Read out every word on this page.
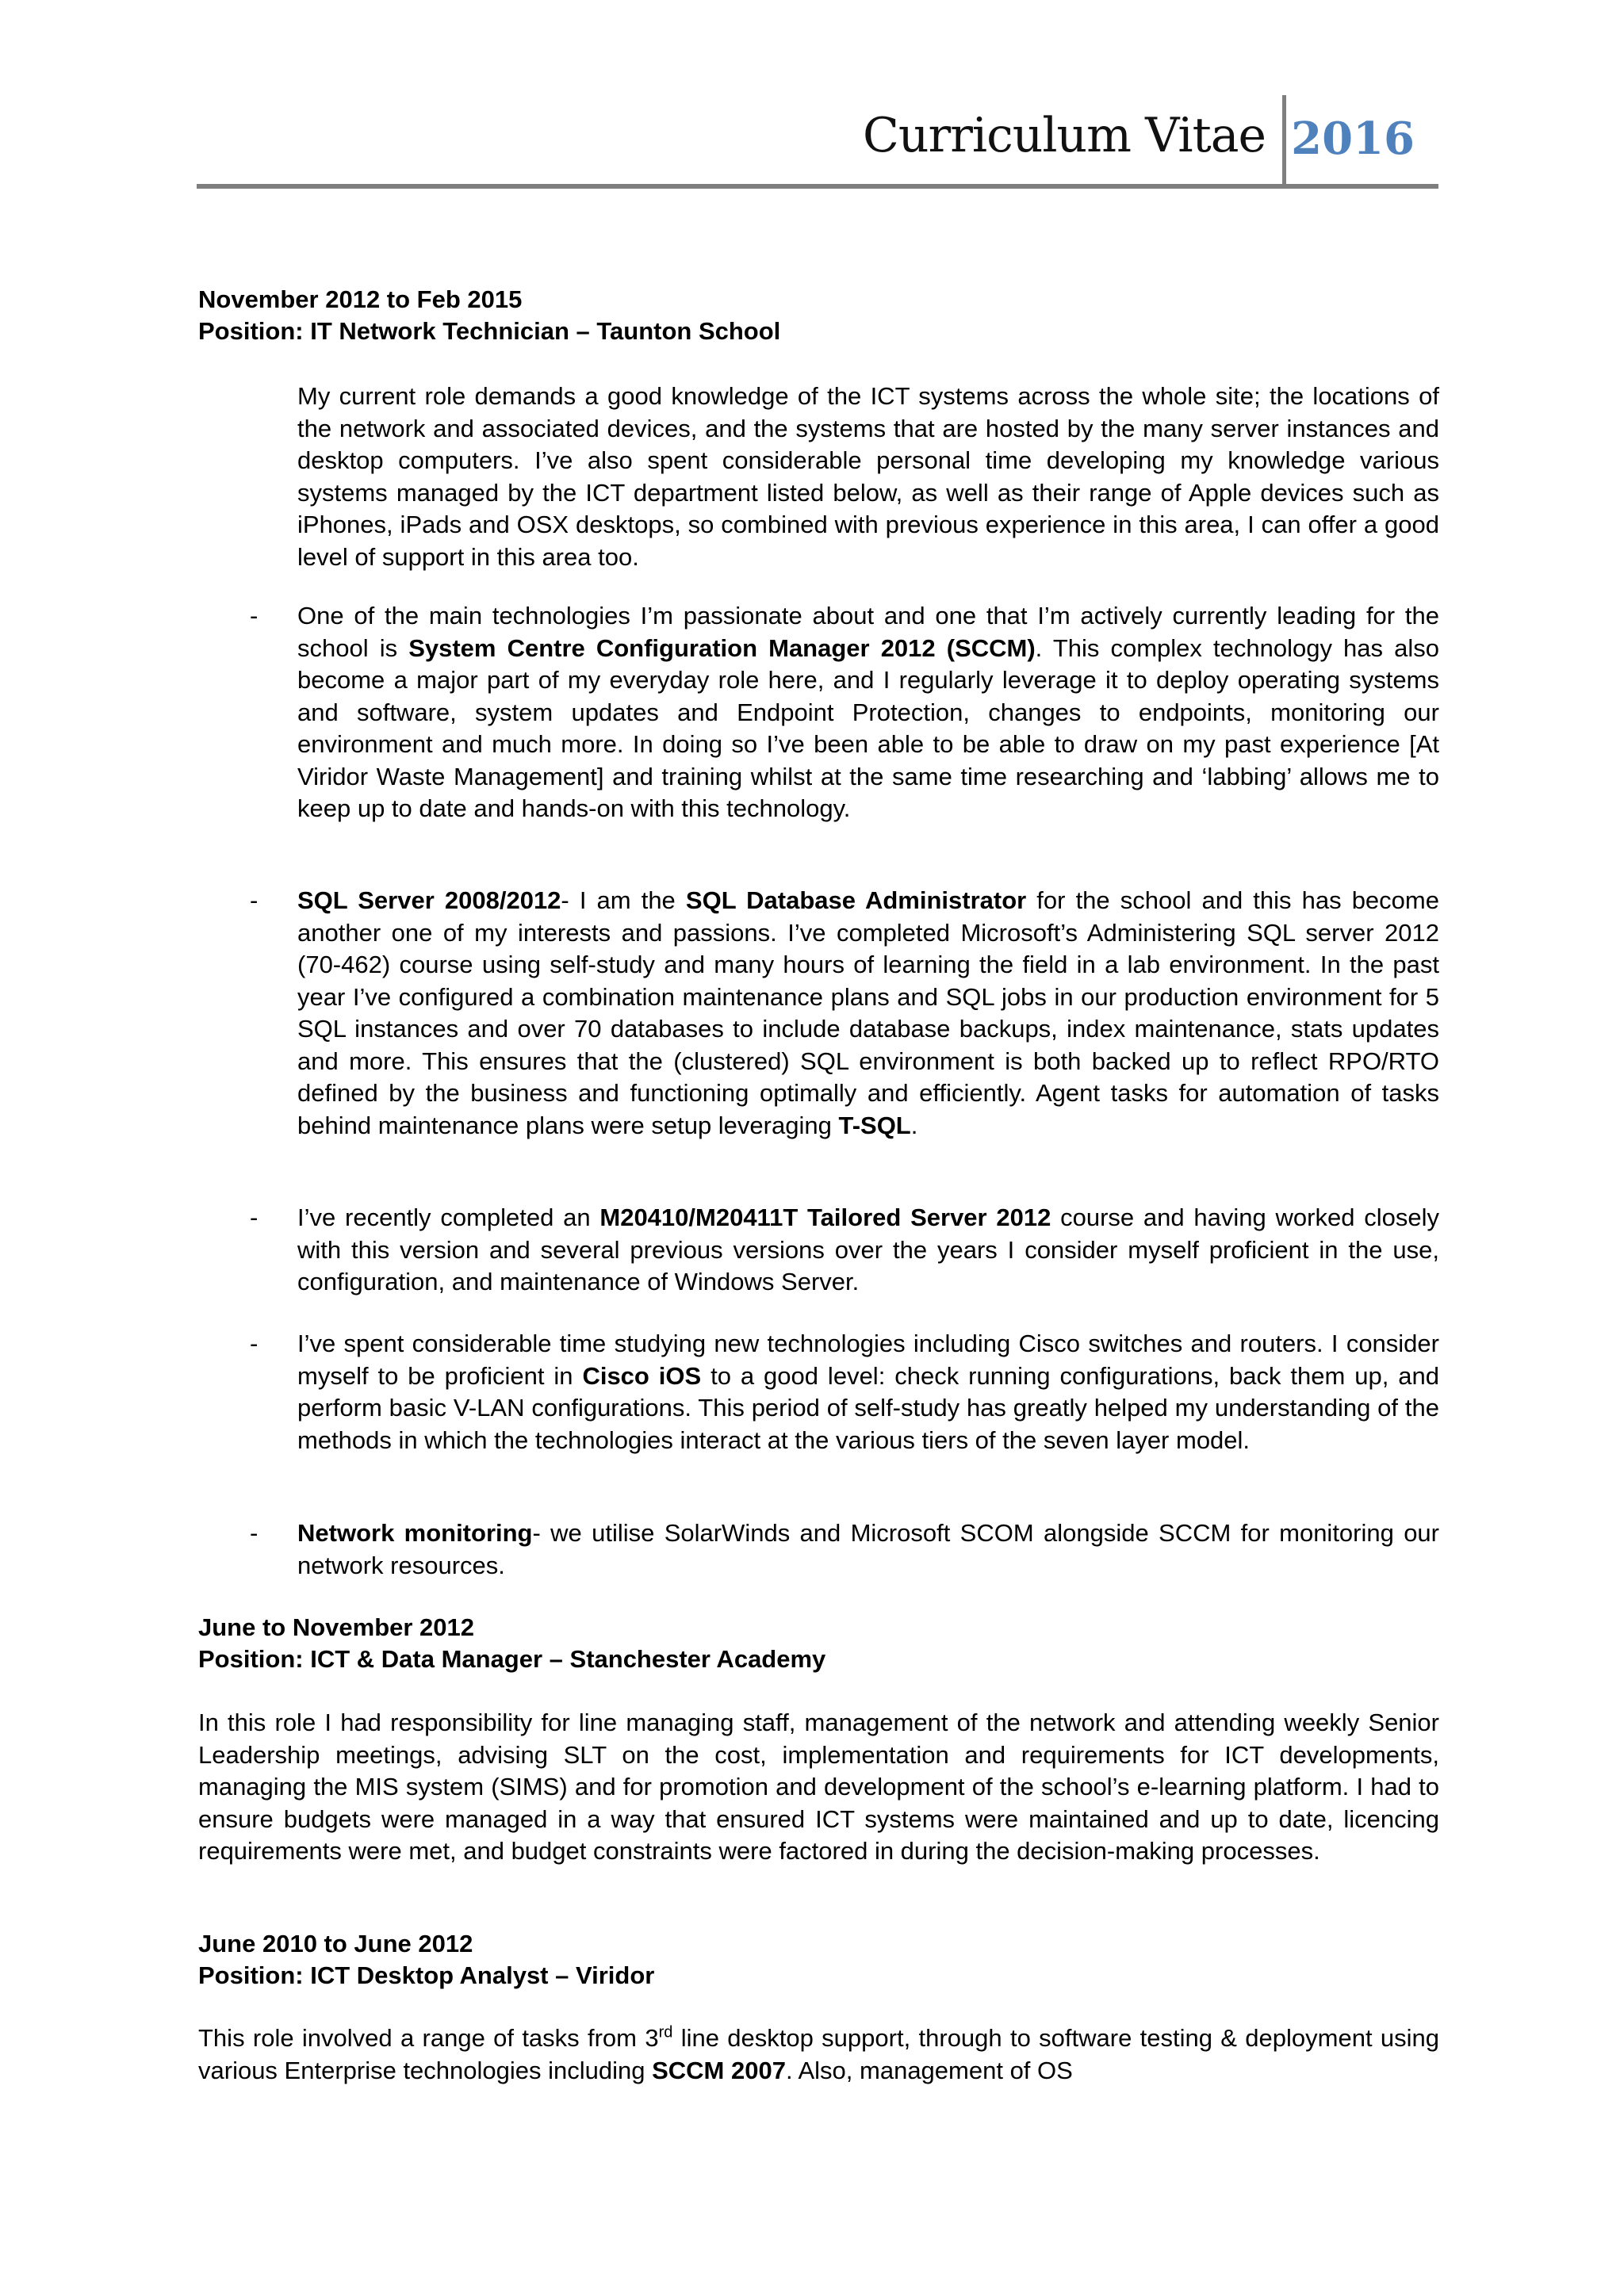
Curriculum Vitae 2016
November 2012 to Feb 2015
Position: IT Network Technician – Taunton School
My current role demands a good knowledge of the ICT systems across the whole site; the locations of the network and associated devices, and the systems that are hosted by the many server instances and desktop computers. I’ve also spent considerable personal time developing my knowledge various systems managed by the ICT department listed below, as well as their range of Apple devices such as iPhones, iPads and OSX desktops, so combined with previous experience in this area, I can offer a good level of support in this area too.
- One of the main technologies I’m passionate about and one that I’m actively currently leading for the school is System Centre Configuration Manager 2012 (SCCM). This complex technology has also become a major part of my everyday role here, and I regularly leverage it to deploy operating systems and software, system updates and Endpoint Protection, changes to endpoints, monitoring our environment and much more. In doing so I’ve been able to be able to draw on my past experience [At Viridor Waste Management] and training whilst at the same time researching and ‘labbing’ allows me to keep up to date and hands-on with this technology.
- SQL Server 2008/2012- I am the SQL Database Administrator for the school and this has become another one of my interests and passions. I’ve completed Microsoft’s Administering SQL server 2012 (70-462) course using self-study and many hours of learning the field in a lab environment. In the past year I’ve configured a combination maintenance plans and SQL jobs in our production environment for 5 SQL instances and over 70 databases to include database backups, index maintenance, stats updates and more. This ensures that the (clustered) SQL environment is both backed up to reflect RPO/RTO defined by the business and functioning optimally and efficiently. Agent tasks for automation of tasks behind maintenance plans were setup leveraging T-SQL.
- I’ve recently completed an M20410/M20411T Tailored Server 2012 course and having worked closely with this version and several previous versions over the years I consider myself proficient in the use, configuration, and maintenance of Windows Server.
- I’ve spent considerable time studying new technologies including Cisco switches and routers. I consider myself to be proficient in Cisco iOS to a good level: check running configurations, back them up, and perform basic V-LAN configurations. This period of self-study has greatly helped my understanding of the methods in which the technologies interact at the various tiers of the seven layer model.
- Network monitoring- we utilise SolarWinds and Microsoft SCOM alongside SCCM for monitoring our network resources.
June to November 2012
Position: ICT & Data Manager – Stanchester Academy
In this role I had responsibility for line managing staff, management of the network and attending weekly Senior Leadership meetings, advising SLT on the cost, implementation and requirements for ICT developments, managing the MIS system (SIMS) and for promotion and development of the school’s e-learning platform. I had to ensure budgets were managed in a way that ensured ICT systems were maintained and up to date, licencing requirements were met, and budget constraints were factored in during the decision-making processes.
June 2010 to June 2012
Position: ICT Desktop Analyst – Viridor
This role involved a range of tasks from 3rd line desktop support, through to software testing & deployment using various Enterprise technologies including SCCM 2007. Also, management of OS
